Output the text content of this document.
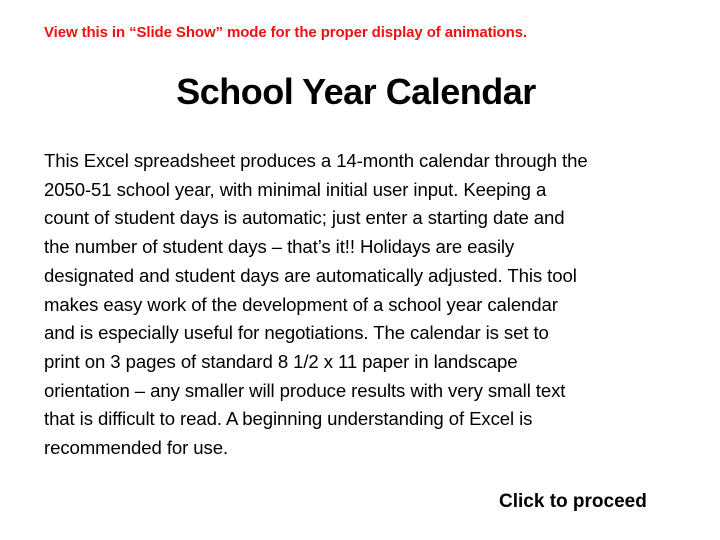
View this in “Slide Show” mode for the proper display of animations.
School Year Calendar
This Excel spreadsheet produces a 14-month calendar through the
2050-51 school year, with minimal initial user input. Keeping a
count of student days is automatic; just enter a starting date and
the number of student days – that’s it!! Holidays are easily
designated and student days are automatically adjusted. This tool
makes easy work of the development of a school year calendar
and is especially useful for negotiations. The calendar is set to
print on 3 pages of standard 8 1/2 x 11 paper in landscape
orientation – any smaller will produce results with very small text
that is difficult to read. A beginning understanding of Excel is
recommended for use.
Click to proceed
